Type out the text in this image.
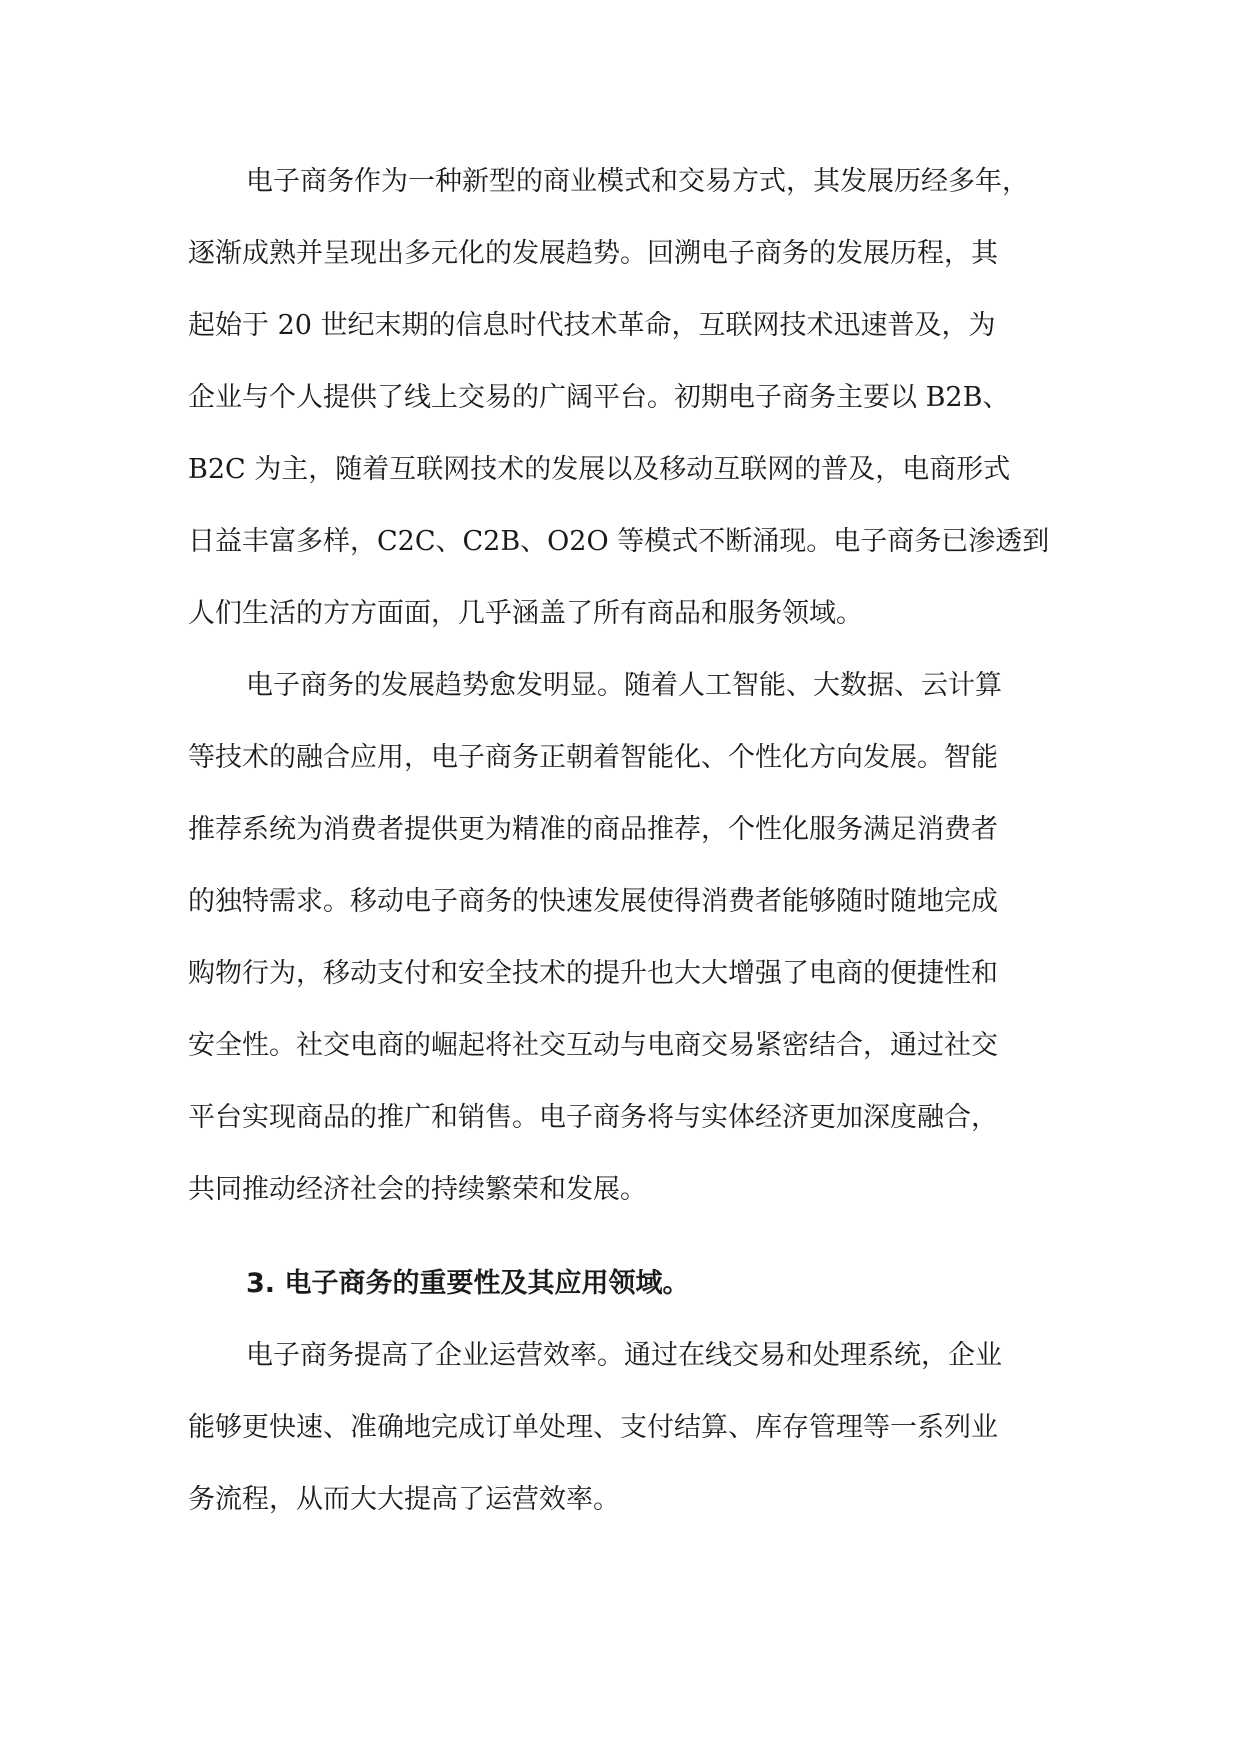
电子商务作为一种新型的商业模式和交易方式，其发展历经多年，
逐渐成熟并呈现出多元化的发展趋势。回溯电子商务的发展历程，其
起始于 20 世纪末期的信息时代技术革命，互联网技术迅速普及，为
企业与个人提供了线上交易的广阔平台。初期电子商务主要以 B2B、
B2C 为主，随着互联网技术的发展以及移动互联网的普及，电商形式
日益丰富多样，C2C、C2B、O2O 等模式不断涌现。电子商务已渗透到
人们生活的方方面面，几乎涵盖了所有商品和服务领域。
电子商务的发展趋势愈发明显。随着人工智能、大数据、云计算
等技术的融合应用，电子商务正朝着智能化、个性化方向发展。智能
推荐系统为消费者提供更为精准的商品推荐，个性化服务满足消费者
的独特需求。移动电子商务的快速发展使得消费者能够随时随地完成
购物行为，移动支付和安全技术的提升也大大增强了电商的便捷性和
安全性。社交电商的崛起将社交互动与电商交易紧密结合，通过社交
平台实现商品的推广和销售。电子商务将与实体经济更加深度融合，
共同推动经济社会的持续繁荣和发展。
3. 电子商务的重要性及其应用领域。
电子商务提高了企业运营效率。通过在线交易和处理系统，企业
能够更快速、准确地完成订单处理、支付结算、库存管理等一系列业
务流程，从而大大提高了运营效率。
